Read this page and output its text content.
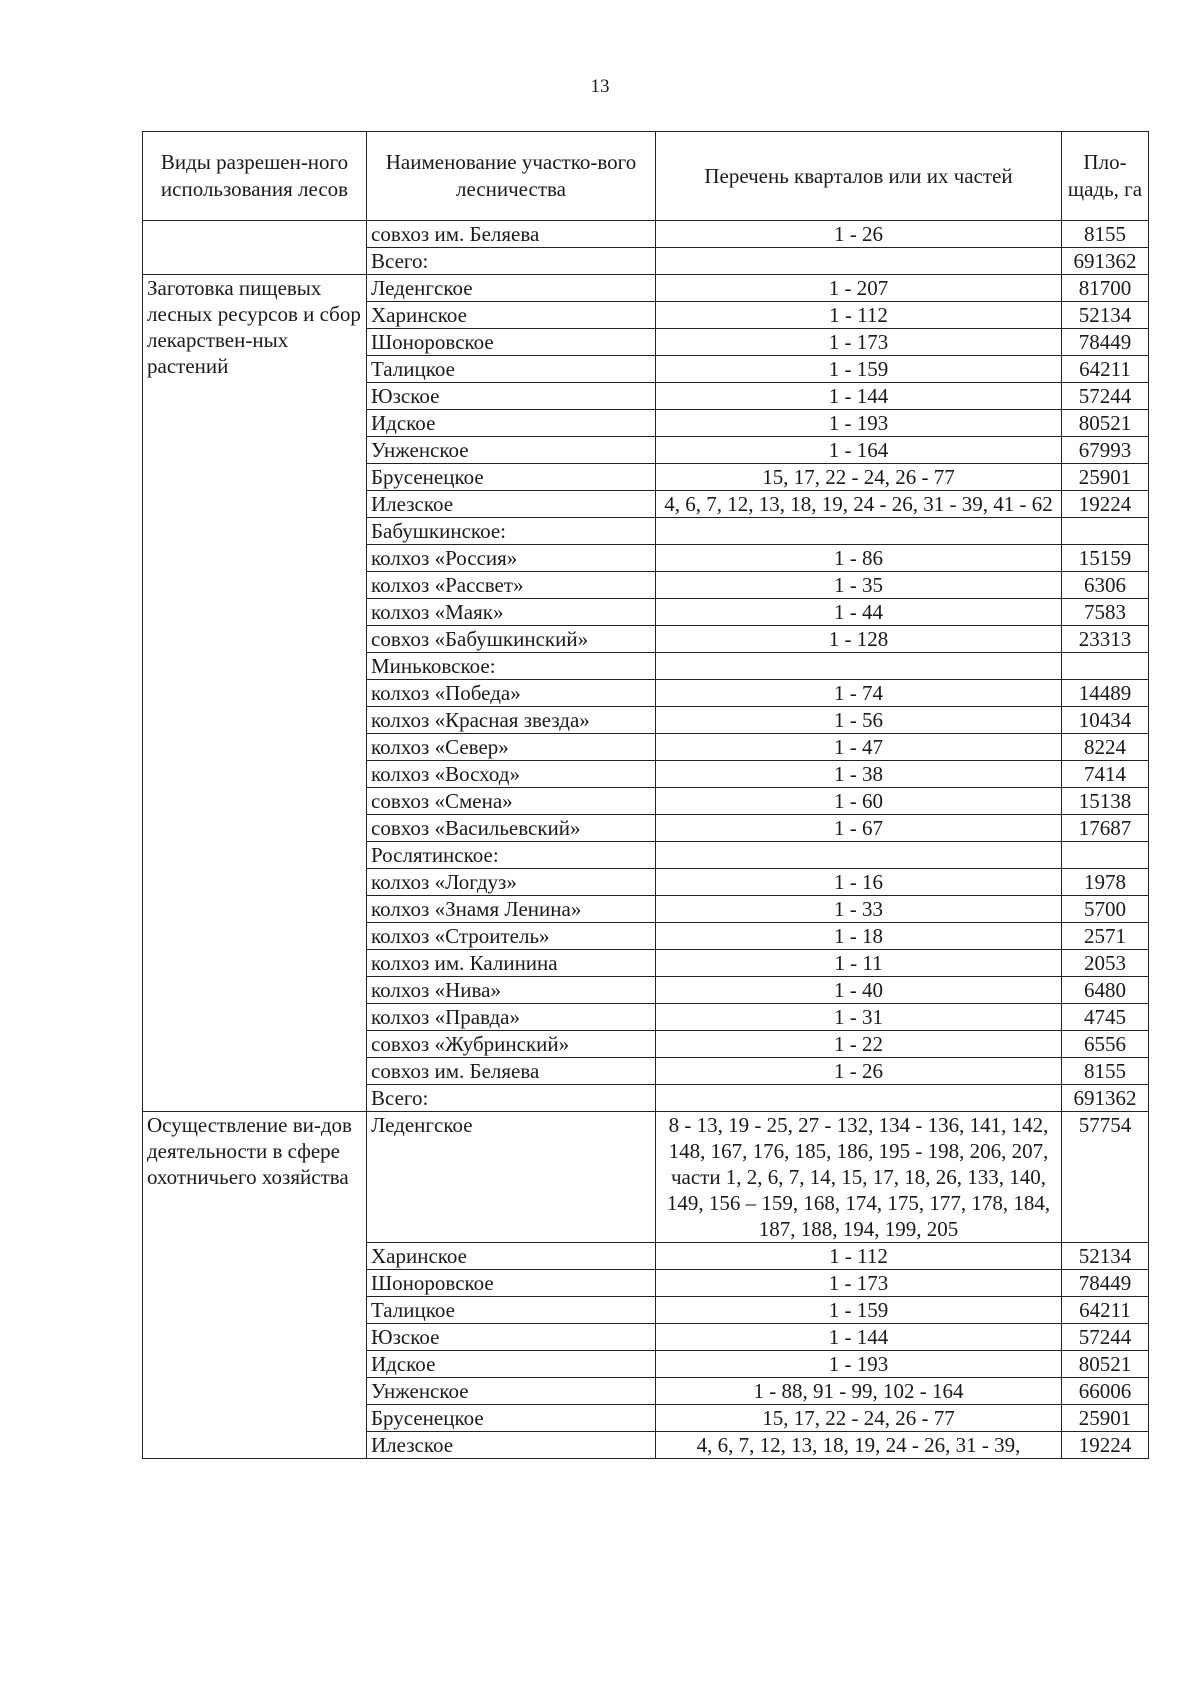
13
Виды разрешен-ного использования лесов	Наименование участко-вого лесничества	Перечень кварталов или их частей	Пло-щадь, га
	совхоз им. Беляева	1 - 26	8155
	Всего:		691362
Заготовка пищевых лесных ресурсов и сбор лекарствен-ных растений	Леденгское	1 - 207	81700
	Харинское	1 - 112	52134
	Шоноровское	1 - 173	78449
	Талицкое	1 - 159	64211
	Юзское	1 - 144	57244
	Идское	1 - 193	80521
	Унженское	1 - 164	67993
	Брусенецкое	15, 17, 22 - 24, 26 - 77	25901
	Илезское	4, 6, 7, 12, 13, 18, 19, 24 - 26, 31 - 39, 41 - 62	19224
	Бабушкинское:		
	колхоз «Россия»	1 - 86	15159
	колхоз «Рассвет»	1 - 35	6306
	колхоз «Маяк»	1 - 44	7583
	совхоз «Бабушкинский»	1 - 128	23313
	Миньковское:		
	колхоз «Победа»	1 - 74	14489
	колхоз «Красная звезда»	1 - 56	10434
	колхоз «Север»	1 - 47	8224
	колхоз «Восход»	1 - 38	7414
	совхоз «Смена»	1 - 60	15138
	совхоз «Васильевский»	1 - 67	17687
	Рослятинское:		
	колхоз «Логдуз»	1 - 16	1978
	колхоз «Знамя Ленина»	1 - 33	5700
	колхоз «Строитель»	1 - 18	2571
	колхоз им. Калинина	1 - 11	2053
	колхоз «Нива»	1 - 40	6480
	колхоз «Правда»	1 - 31	4745
	совхоз «Жубринский»	1 - 22	6556
	совхоз им. Беляева	1 - 26	8155
	Всего:		691362
Осуществление ви-дов деятельности в сфере охотничьего хозяйства	Леденгское	8 - 13, 19 - 25, 27 - 132, 134 - 136, 141, 142, 148, 167, 176, 185, 186, 195 - 198, 206, 207, части 1, 2, 6, 7, 14, 15, 17, 18, 26, 133, 140, 149, 156 – 159, 168, 174, 175, 177, 178, 184, 187, 188, 194, 199, 205	57754
	Харинское	1 - 112	52134
	Шоноровское	1 - 173	78449
	Талицкое	1 - 159	64211
	Юзское	1 - 144	57244
	Идское	1 - 193	80521
	Унженское	1 - 88, 91 - 99, 102 - 164	66006
	Брусенецкое	15, 17, 22 - 24, 26 - 77	25901
	Илезское	4, 6, 7, 12, 13, 18, 19, 24 - 26, 31 - 39,	19224
